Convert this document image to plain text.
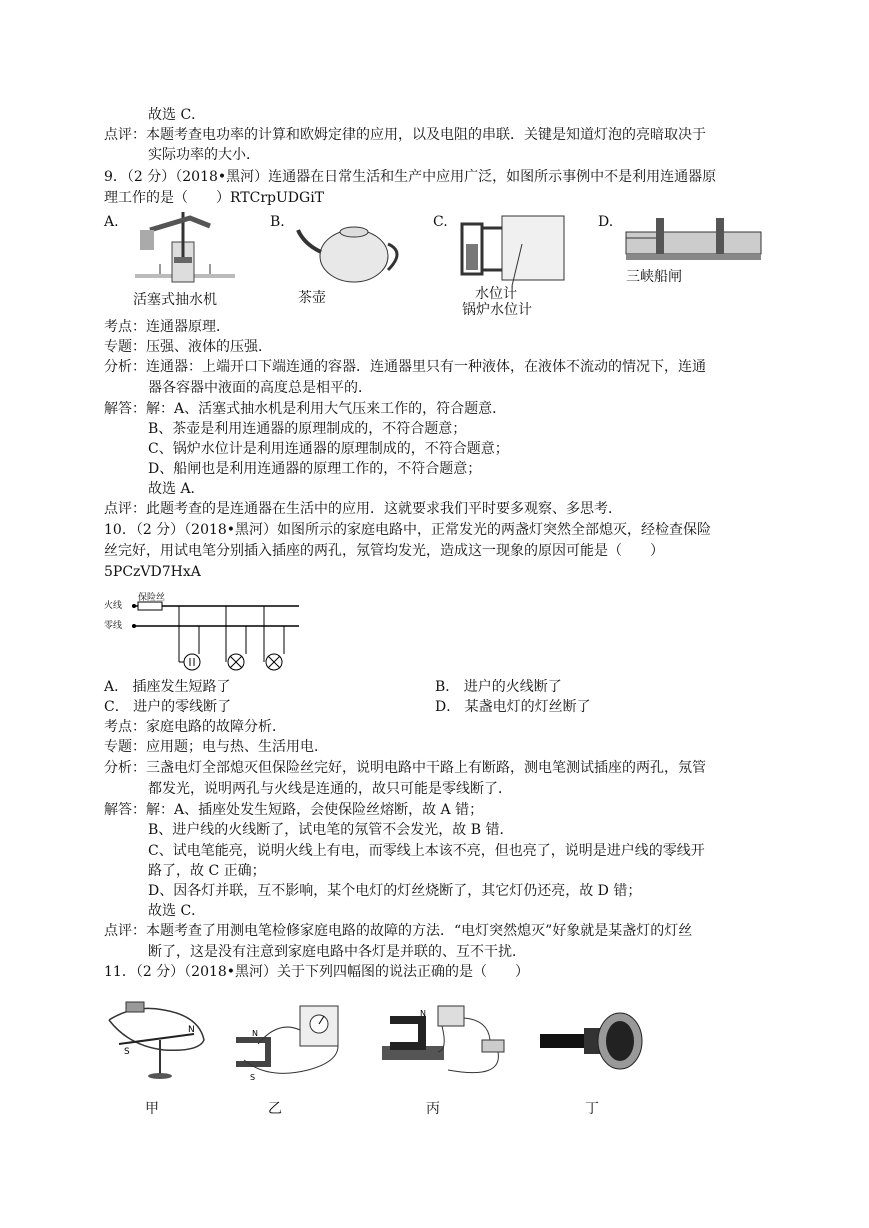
故选 C．
点评：本题考查电功率的计算和欧姆定律的应用，以及电阻的串联．关键是知道灯泡的亮暗取决于
实际功率的大小．
9．（2 分）（2018•黑河）连通器在日常生活和生产中应用广泛，如图所示事例中不是利用连通器原
理工作的是（　　）RTCrpUDGiT
A.	B.	C.	D.
活塞式抽水机	茶壶	水位计
锅炉水位计
三峡船闸
考点：连通器原理．
专题：压强、液体的压强．
分析：连通器：上端开口下端连通的容器．连通器里只有一种液体，在液体不流动的情况下，连通
器各容器中液面的高度总是相平的．
解答：解：A、活塞式抽水机是利用大气压来工作的，符合题意．
B、茶壶是利用连通器的原理制成的，不符合题意；
C、锅炉水位计是利用连通器的原理制成的，不符合题意；
D、船闸也是利用连通器的原理工作的，不符合题意；
故选 A．
点评：此题考查的是连通器在生活中的应用．这就要求我们平时要多观察、多思考．
10．（2 分）（2018•黑河）如图所示的家庭电路中，正常发光的两盏灯突然全部熄灭，经检查保险
丝完好，用试电笔分别插入插座的两孔，氖管均发光，造成这一现象的原因可能是（　　）
5PCzVD7HxA
火线
零线
保险丝
A． 插座发生短路了	B． 进户的火线断了
C． 进户的零线断了	D． 某盏电灯的灯丝断了
考点：家庭电路的故障分析．
专题：应用题；电与热、生活用电．
分析：三盏电灯全部熄灭但保险丝完好，说明电路中干路上有断路，测电笔测试插座的两孔，氖管
都发光，说明两孔与火线是连通的，故只可能是零线断了．
解答：解：A、插座处发生短路，会使保险丝熔断，故 A 错；
B、进户线的火线断了，试电笔的氖管不会发光，故 B 错．
C、试电笔能亮，说明火线上有电，而零线上本该不亮，但也亮了，说明是进户线的零线开
路了，故 C 正确；
D、因各灯并联，互不影响，某个电灯的灯丝烧断了，其它灯仍还亮，故 D 错；
故选 C．
点评：本题考查了用测电笔检修家庭电路的故障的方法．“电灯突然熄灭”好象就是某盏灯的灯丝
断了，这是没有注意到家庭电路中各灯是并联的、互不干扰．
11．（2 分）（2018•黑河）关于下列四幅图的说法正确的是（　　）
S
N	N
S
N
甲	乙	丙	丁
